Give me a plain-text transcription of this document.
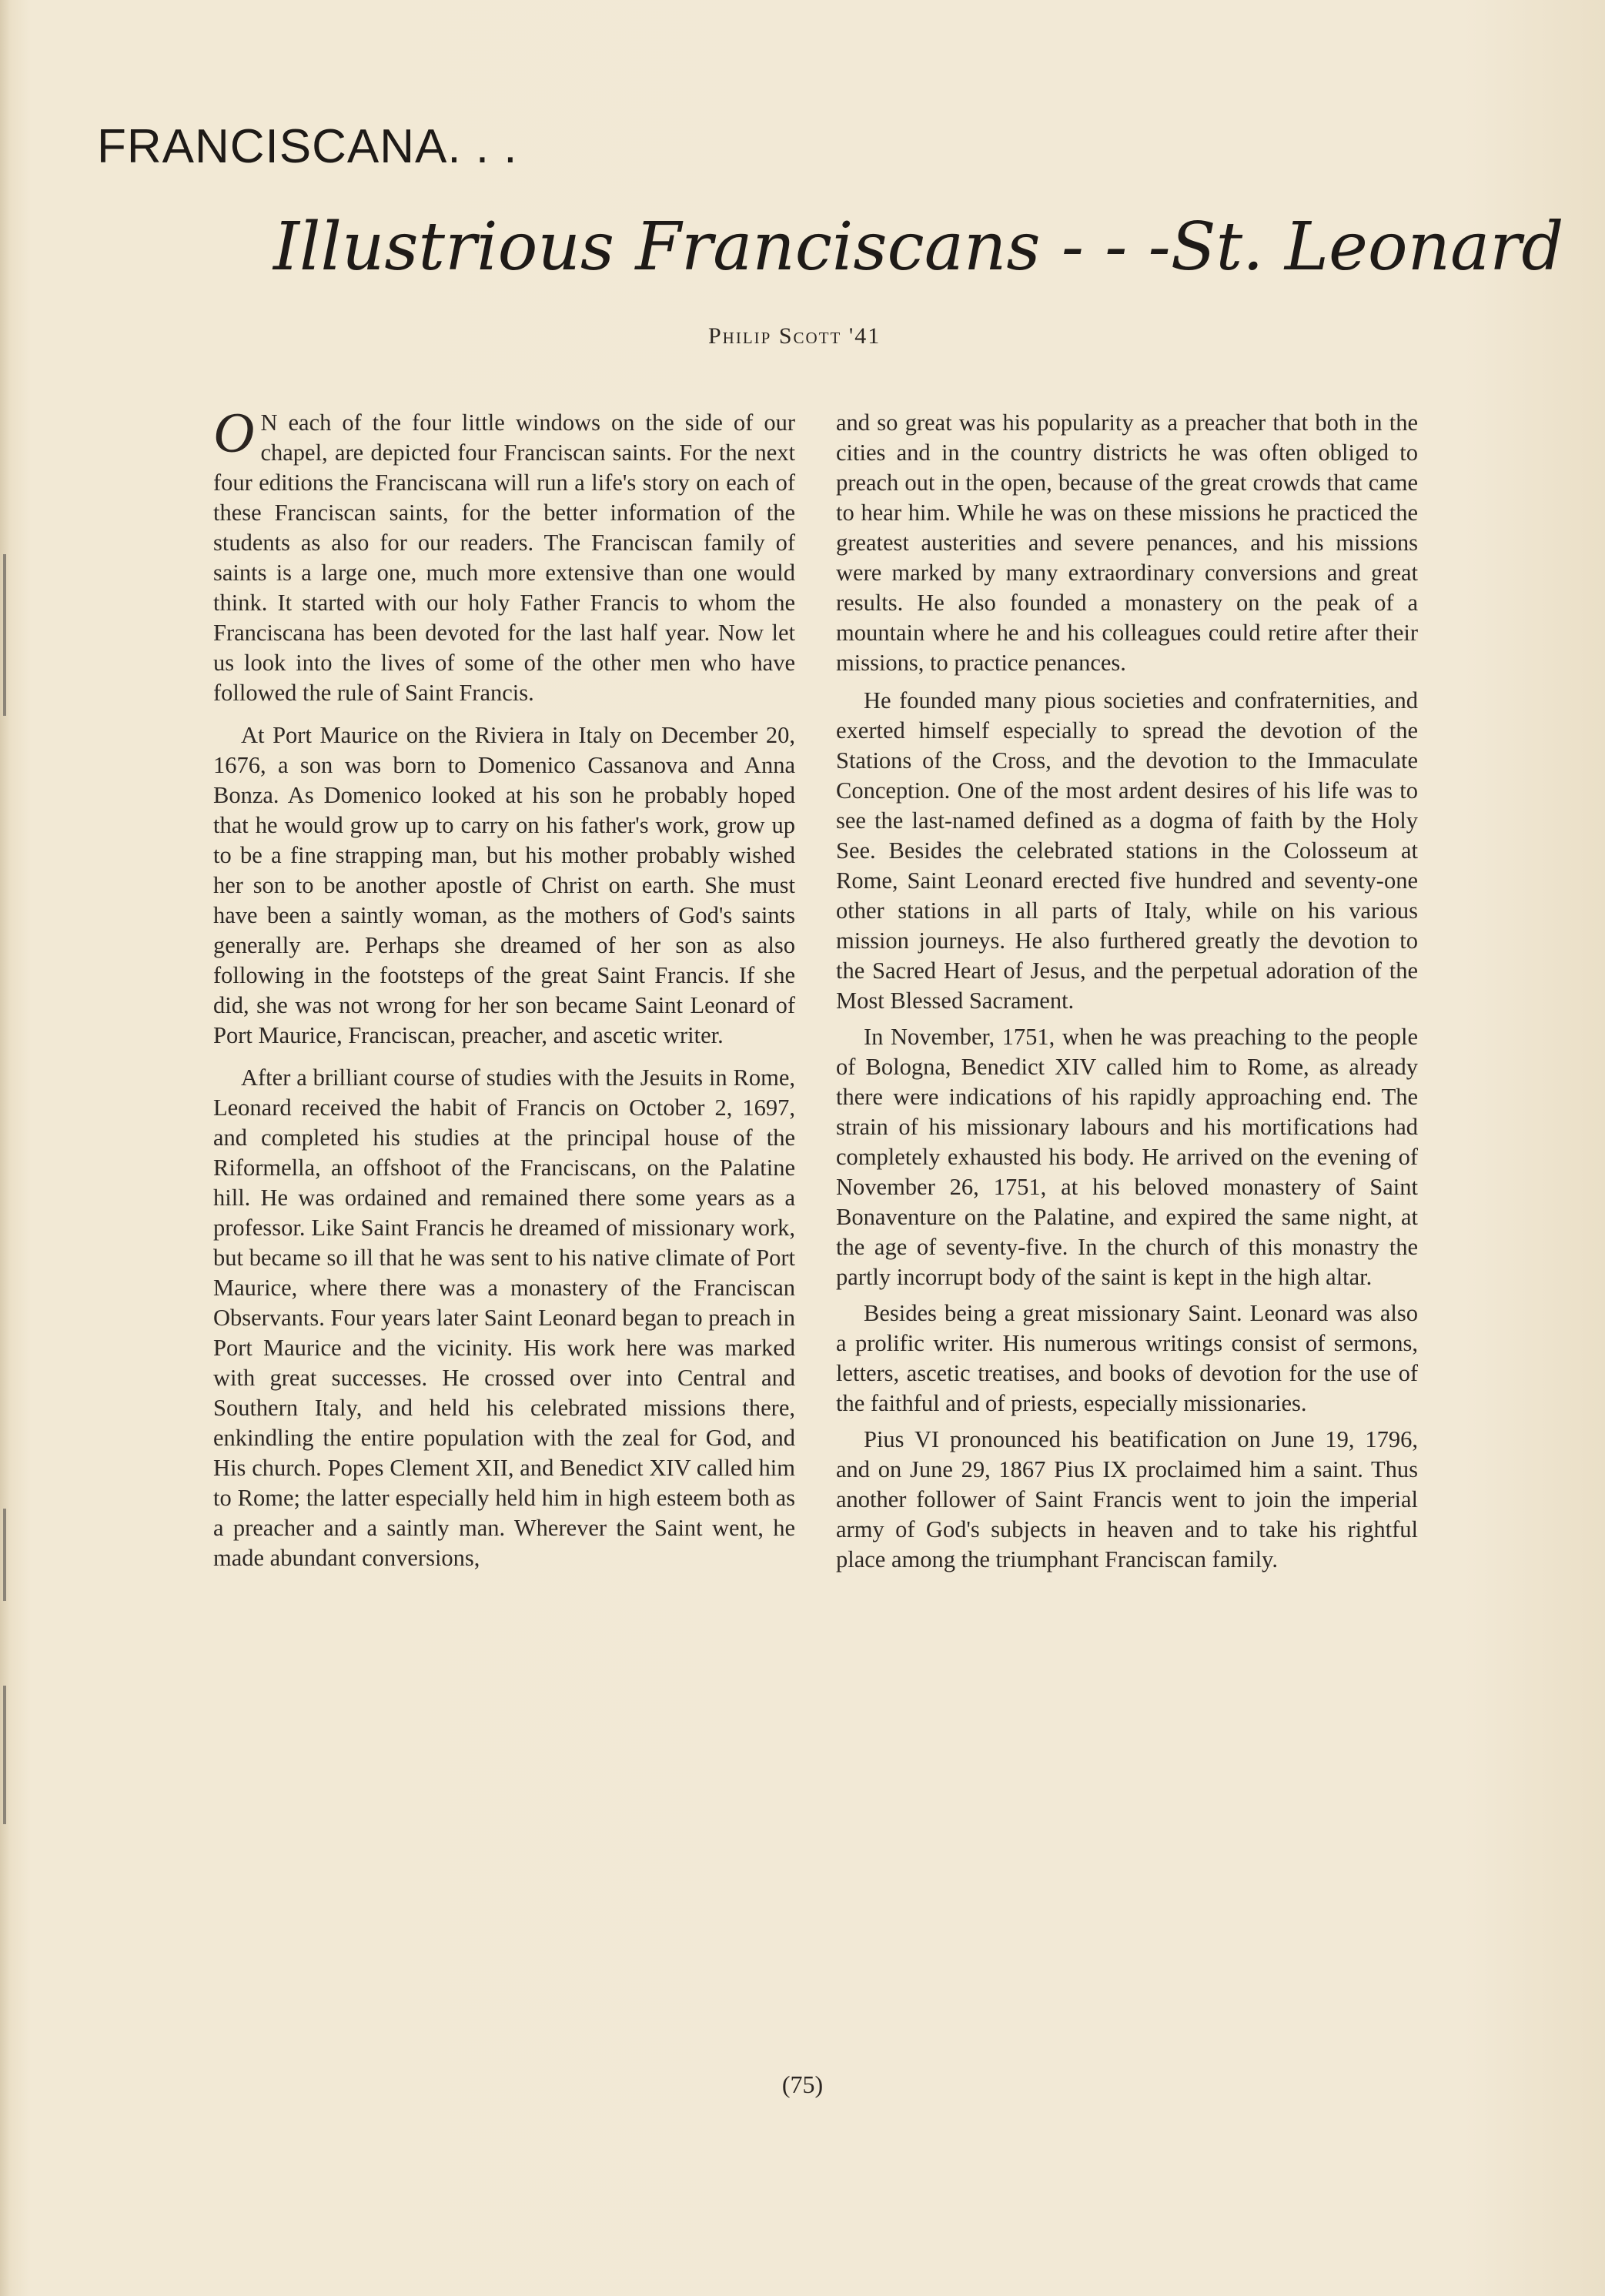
FRANCISCANA. . .
Illustrious Franciscans - - -St. Leonard
Philip Scott '41

O N each of the four little windows on the side of our chapel, are depicted four Franciscan saints. For the next four editions the Franciscana will run a life's story on each of these Franciscan saints, for the better information of the students as also for our readers. The Franciscan family of saints is a large one, much more extensive than one would think. It started with our holy Father Francis to whom the Franciscana has been devoted for the last half year. Now let us look into the lives of some of the other men who have followed the rule of Saint Francis.

At Port Maurice on the Riviera in Italy on December 20, 1676, a son was born to Domenico Cassanova and Anna Bonza. As Domenico looked at his son he probably hoped that he would grow up to carry on his father's work, grow up to be a fine strapping man, but his mother probably wished her son to be another apostle of Christ on earth. She must have been a saintly woman, as the mothers of God's saints generally are. Perhaps she dreamed of her son as also following in the footsteps of the great Saint Francis. If she did, she was not wrong for her son became Saint Leonard of Port Maurice, Franciscan, preacher, and ascetic writer.

After a brilliant course of studies with the Jesuits in Rome, Leonard received the habit of Francis on October 2, 1697, and completed his studies at the principal house of the Riformella, an offshoot of the Franciscans, on the Palatine hill. He was ordained and remained there some years as a professor. Like Saint Francis he dreamed of missionary work, but became so ill that he was sent to his native climate of Port Maurice, where there was a monastery of the Franciscan Observants. Four years later Saint Leonard began to preach in Port Maurice and the vicinity. His work here was marked with great successes. He crossed over into Central and Southern Italy, and held his celebrated missions there, enkindling the entire population with the zeal for God, and His church. Popes Clement XII, and Benedict XIV called him to Rome; the latter especially held him in high esteem both as a preacher and a saintly man. Wherever the Saint went, he made abundant conversions,

and so great was his popularity as a preacher that both in the cities and in the country districts he was often obliged to preach out in the open, because of the great crowds that came to hear him. While he was on these missions he practiced the greatest austerities and severe penances, and his missions were marked by many extraordinary conversions and great results. He also founded a monastery on the peak of a mountain where he and his colleagues could retire after their missions, to practice penances.

He founded many pious societies and confraternities, and exerted himself especially to spread the devotion of the Stations of the Cross, and the devotion to the Immaculate Conception. One of the most ardent desires of his life was to see the last-named defined as a dogma of faith by the Holy See. Besides the celebrated stations in the Colosseum at Rome, Saint Leonard erected five hundred and seventy-one other stations in all parts of Italy, while on his various mission journeys. He also furthered greatly the devotion to the Sacred Heart of Jesus, and the perpetual adoration of the Most Blessed Sacrament.

In November, 1751, when he was preaching to the people of Bologna, Benedict XIV called him to Rome, as already there were indications of his rapidly approaching end. The strain of his missionary labours and his mortifications had completely exhausted his body. He arrived on the evening of November 26, 1751, at his beloved monastery of Saint Bonaventure on the Palatine, and expired the same night, at the age of seventy-five. In the church of this monastry the partly incorrupt body of the saint is kept in the high altar.

Besides being a great missionary Saint. Leonard was also a prolific writer. His numerous writings consist of sermons, letters, ascetic treatises, and books of devotion for the use of the faithful and of priests, especially missionaries.

Pius VI pronounced his beatification on June 19, 1796, and on June 29, 1867 Pius IX proclaimed him a saint. Thus another follower of Saint Francis went to join the imperial army of God's subjects in heaven and to take his rightful place among the triumphant Franciscan family.

(75)
